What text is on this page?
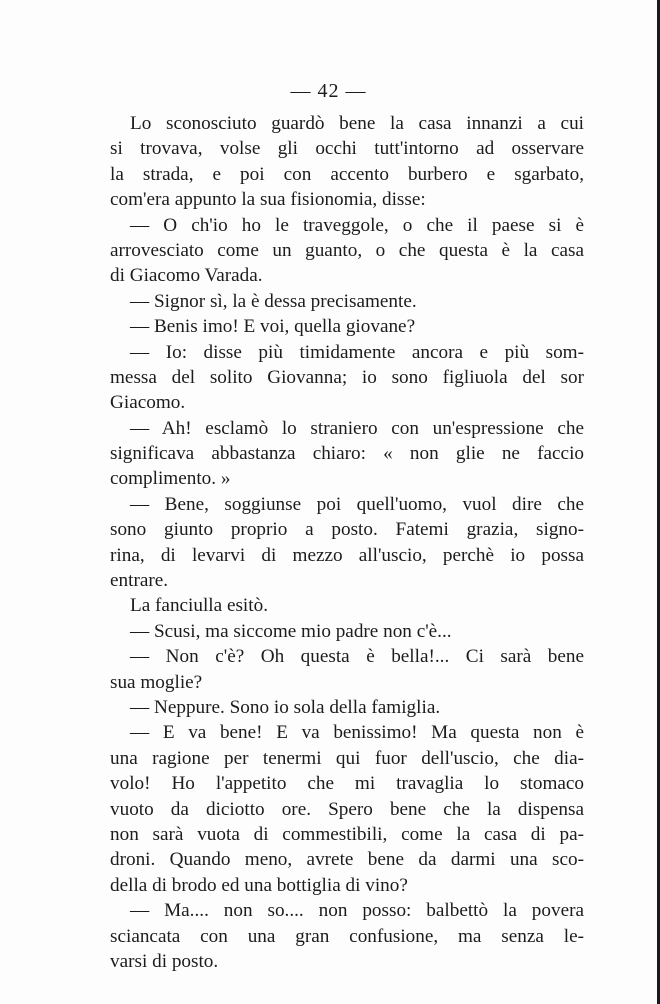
— 42 —
Lo sconosciuto guardò bene la casa innanzi a cui
si trovava, volse gli occhi tutt'intorno ad osservare
la strada, e poi con accento burbero e sgarbato,
com'era appunto la sua fisionomia, disse:
— O ch'io ho le traveggole, o che il paese si è
arrovesciato come un guanto, o che questa è la casa
di Giacomo Varada.
— Signor sì, la è dessa precisamente.
— Benis imo! E voi, quella giovane?
— Io: disse più timidamente ancora e più som-
messa del solito Giovanna; io sono figliuola del sor
Giacomo.
— Ah! esclamò lo straniero con un'espressione che
significava abbastanza chiaro: « non glie ne faccio
complimento. »
— Bene, soggiunse poi quell'uomo, vuol dire che
sono giunto proprio a posto. Fatemi grazia, signo-
rina, di levarvi di mezzo all'uscio, perchè io possa
entrare.
La fanciulla esitò.
— Scusi, ma siccome mio padre non c'è...
— Non c'è? Oh questa è bella!... Ci sarà bene
sua moglie?
— Neppure. Sono io sola della famiglia.
— E va bene! E va benissimo! Ma questa non è
una ragione per tenermi qui fuor dell'uscio, che dia-
volo! Ho l'appetito che mi travaglia lo stomaco
vuoto da diciotto ore. Spero bene che la dispensa
non sarà vuota di commestibili, come la casa di pa-
droni. Quando meno, avrete bene da darmi una sco-
della di brodo ed una bottiglia di vino?
— Ma.... non so.... non posso: balbettò la povera
sciancata con una gran confusione, ma senza le-
varsi di posto.
